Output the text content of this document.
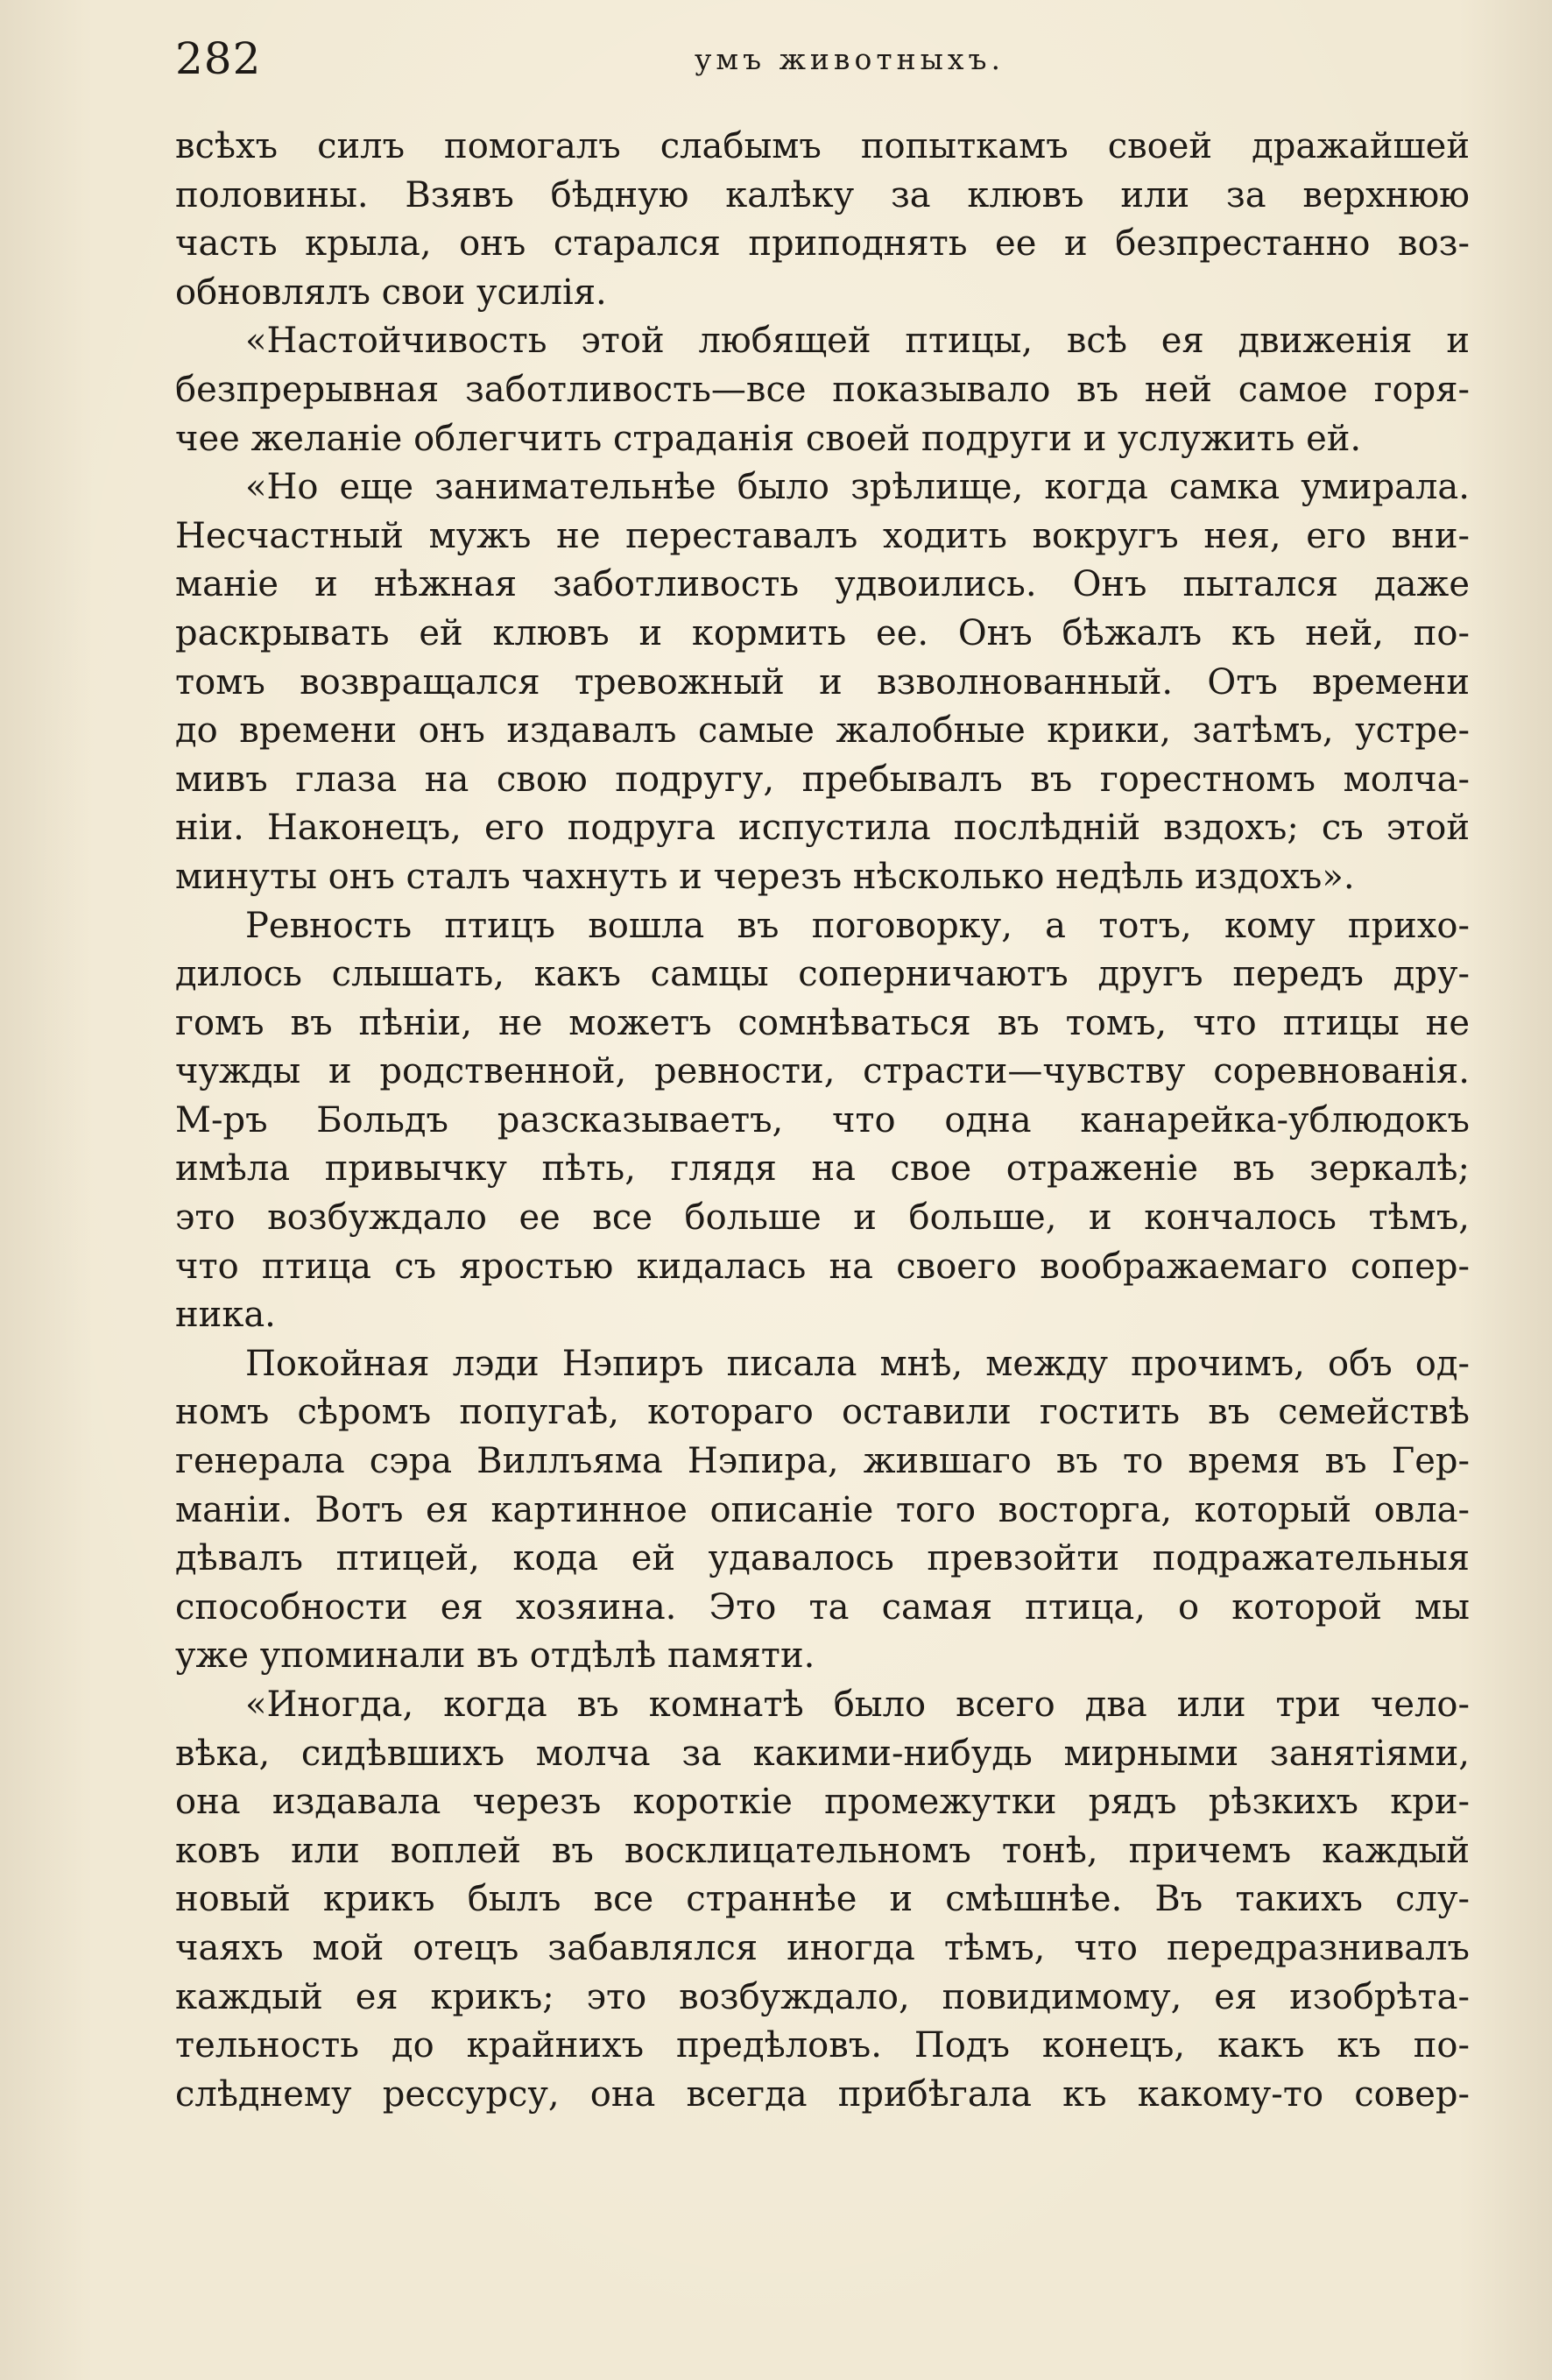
282	умъ животныхъ.
всѣхъ силъ помогалъ слабымъ попыткамъ своей дражайшей
половины. Взявъ бѣдную калѣку за клювъ или за верхнюю
часть крыла, онъ старался приподнять ее и безпрестанно воз-
обновлялъ свои усилія.
«Настойчивость этой любящей птицы, всѣ ея движенія и
безпрерывная заботливость—все показывало въ ней самое горя-
чее желаніе облегчить страданія своей подруги и услужить ей.
«Но еще занимательнѣе было зрѣлище, когда самка умирала.
Несчастный мужъ не переставалъ ходить вокругъ нея, его вни-
маніе и нѣжная заботливость удвоились. Онъ пытался даже
раскрывать ей клювъ и кормить ее. Онъ бѣжалъ къ ней, по-
томъ возвращался тревожный и взволнованный. Отъ времени
до времени онъ издавалъ самые жалобные крики, затѣмъ, устре-
мивъ глаза на свою подругу, пребывалъ въ горестномъ молча-
ніи. Наконецъ, его подруга испустила послѣдній вздохъ; съ этой
минуты онъ сталъ чахнуть и черезъ нѣсколько недѣль издохъ».
Ревность птицъ вошла въ поговорку, а тотъ, кому прихо-
дилось слышать, какъ самцы соперничаютъ другъ передъ дру-
гомъ въ пѣніи, не можетъ сомнѣваться въ томъ, что птицы не
чужды и родственной, ревности, страсти—чувству соревнованія.
М-ръ Больдъ разсказываетъ, что одна канарейка-ублюдокъ
имѣла привычку пѣть, глядя на свое отраженіе въ зеркалѣ;
это возбуждало ее все больше и больше, и кончалось тѣмъ,
что птица съ яростью кидалась на своего воображаемаго сопер-
ника.
Покойная лэди Нэпиръ писала мнѣ, между прочимъ, объ од-
номъ сѣромъ попугаѣ, котораго оставили гостить въ семействѣ
генерала сэра Виллъяма Нэпира, жившаго въ то время въ Гер-
маніи. Вотъ ея картинное описаніе того восторга, который овла-
дѣвалъ птицей, кода ей удавалось превзойти подражательныя
способности ея хозяина. Это та самая птица, о которой мы
уже упоминали въ отдѣлѣ памяти.
«Иногда, когда въ комнатѣ было всего два или три чело-
вѣка, сидѣвшихъ молча за какими-нибудь мирными занятіями,
она издавала черезъ короткіе промежутки рядъ рѣзкихъ кри-
ковъ или воплей въ восклицательномъ тонѣ, причемъ каждый
новый крикъ былъ все страннѣе и смѣшнѣе. Въ такихъ слу-
чаяхъ мой отецъ забавлялся иногда тѣмъ, что передразнивалъ
каждый ея крикъ; это возбуждало, повидимому, ея изобрѣта-
тельность до крайнихъ предѣловъ. Подъ конецъ, какъ къ по-
слѣднему рессурсу, она всегда прибѣгала къ какому-то совер-
